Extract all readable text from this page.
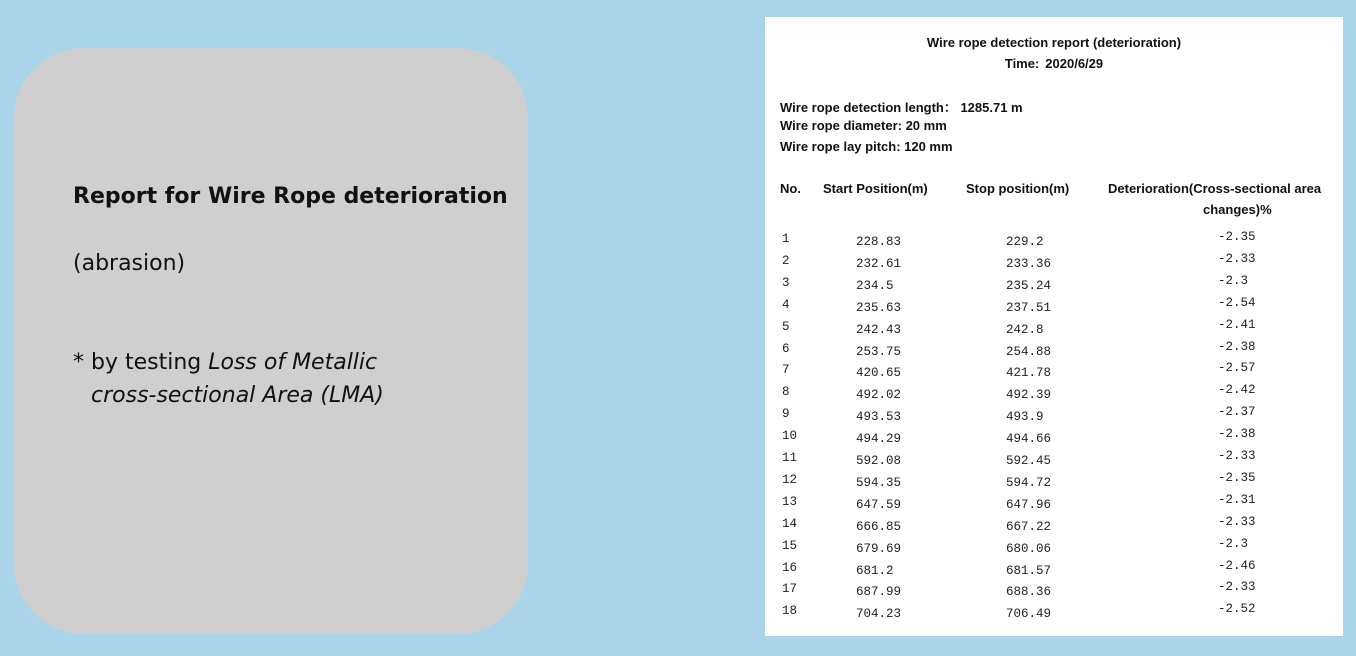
Report for Wire Rope deterioration
(abrasion)
* by testing Loss of Metallic
cross-sectional Area (LMA)
Wire rope detection report (deterioration)
Time: 2020/6/29
Wire rope detection length： 1285.71 m
Wire rope diameter: 20 mm
Wire rope lay pitch: 120 mm
No. Start Position(m)	Stop position(m)	Deterioration(Cross-sectional area
changes)%
1	228.83	229.2	-2.35
2	232.61	233.36	-2.33
3	234.5	235.24	-2.3
4	235.63	237.51	-2.54
5	242.43	242.8	-2.41
6	253.75	254.88	-2.38
7	420.65	421.78	-2.57
8	492.02	492.39	-2.42
9	493.53	493.9	-2.37
10	494.29	494.66	-2.38
11	592.08	592.45	-2.33
12	594.35	594.72	-2.35
13	647.59	647.96	-2.31
14	666.85	667.22	-2.33
15	679.69	680.06	-2.3
16	681.2	681.57	-2.46
17	687.99	688.36	-2.33
18	704.23	706.49	-2.52
